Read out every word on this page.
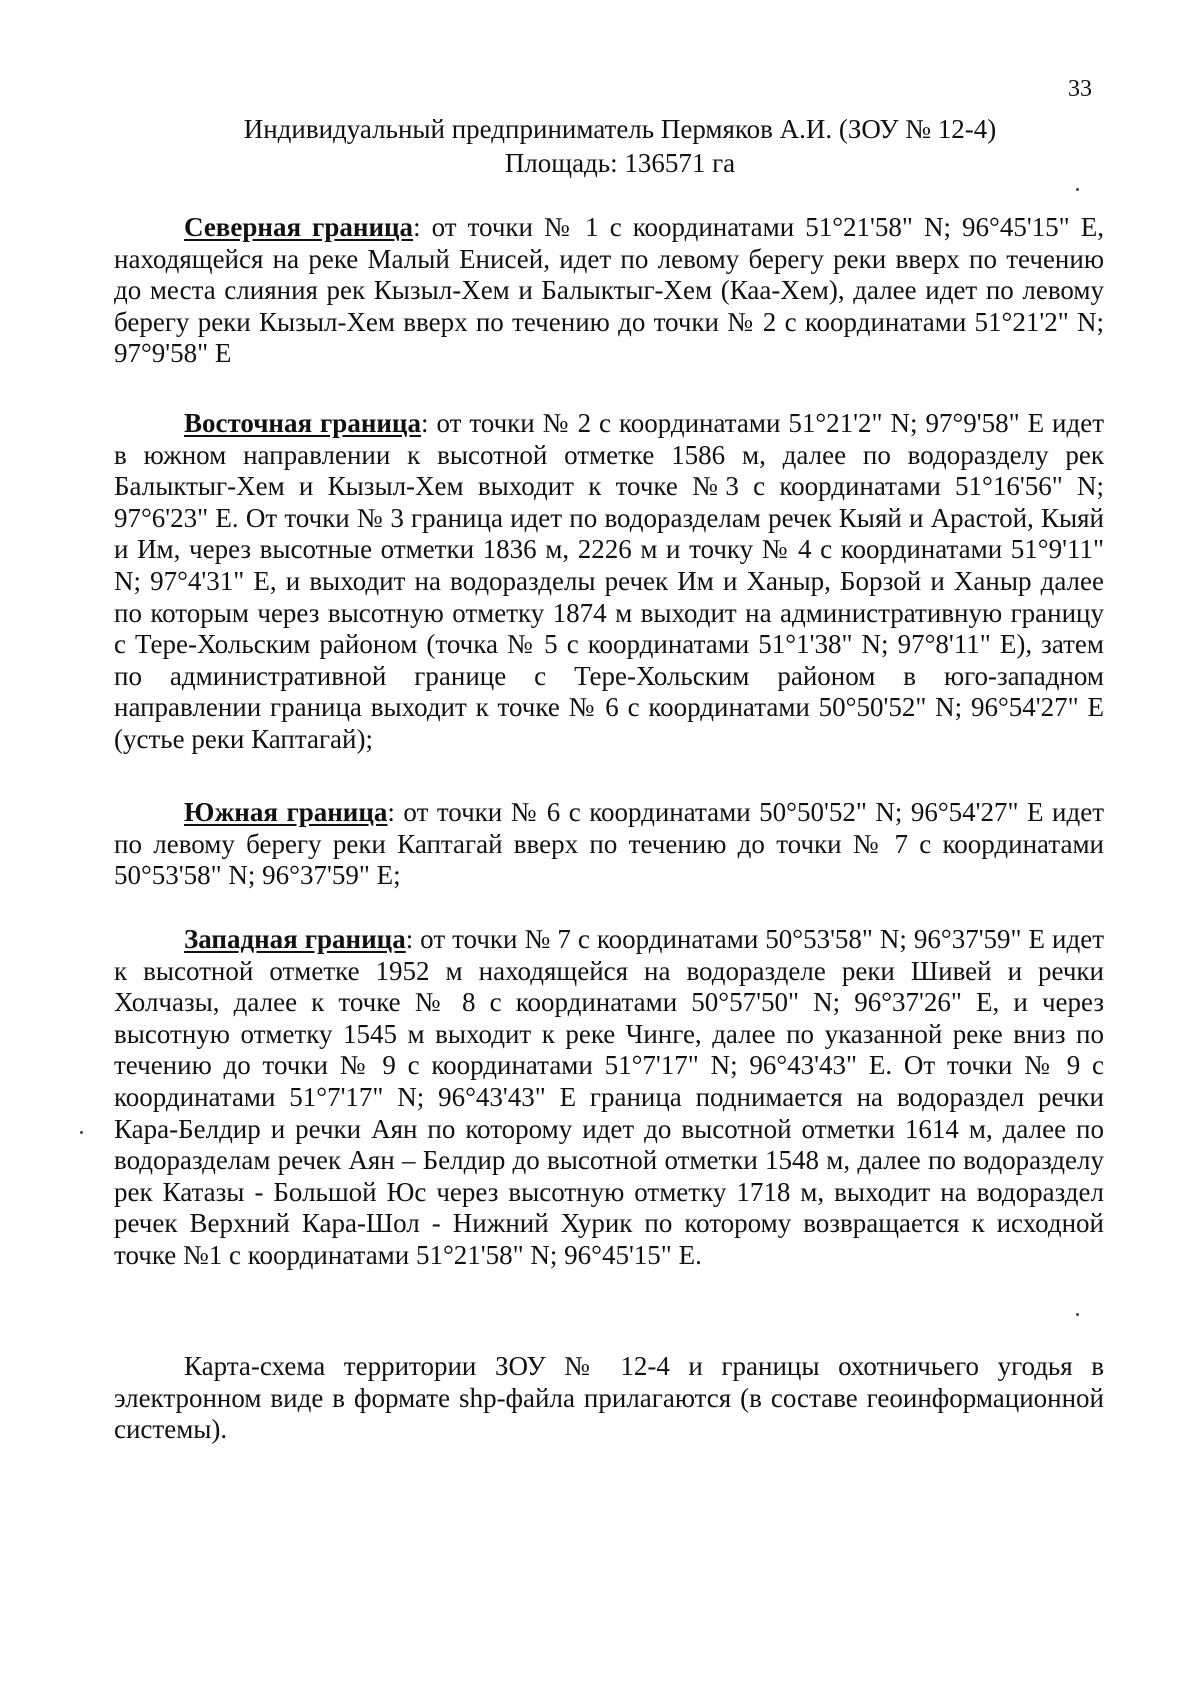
33
Индивидуальный предприниматель Пермяков А.И. (ЗОУ № 12-4)
Площадь: 136571 га

Северная граница: от точки № 1 с координатами 51°21'58" N; 96°45'15" E, находящейся на реке Малый Енисей, идет по левому берегу реки вверх по течению до места слияния рек Кызыл-Хем и Балыктыг-Хем (Каа-Хем), далее идет по левому берегу реки Кызыл-Хем вверх по течению до точки № 2 с координатами 51°21'2" N; 97°9'58" E

Восточная граница: от точки № 2 с координатами 51°21'2" N; 97°9'58" E идет в южном направлении к высотной отметке 1586 м, далее по водоразделу рек Балыктыг-Хем и Кызыл-Хем выходит к точке №3 с координатами 51°16'56" N; 97°6'23" E. От точки № 3 граница идет по водоразделам речек Кыяй и Арастой, Кыяй и Им, через высотные отметки 1836 м, 2226 м и точку № 4 с координатами 51°9'11" N; 97°4'31" E, и выходит на водоразделы речек Им и Ханыр, Борзой и Ханыр далее по которым через высотную отметку 1874 м выходит на административную границу с Тере-Хольским районом (точка № 5 с координатами 51°1'38" N; 97°8'11" E), затем по административной границе с Тере-Хольским районом в юго-западном направлении граница выходит к точке № 6 с координатами 50°50'52" N; 96°54'27" E (устье реки Каптагай);

Южная граница: от точки № 6 с координатами 50°50'52" N; 96°54'27" E идет по левому берегу реки Каптагай вверх по течению до точки № 7 с координатами 50°53'58" N; 96°37'59" E;

Западная граница: от точки № 7 с координатами 50°53'58" N; 96°37'59" E идет к высотной отметке 1952 м находящейся на водоразделе реки Шивей и речки Холчазы, далее к точке № 8 с координатами 50°57'50" N; 96°37'26" E, и через высотную отметку 1545 м выходит к реке Чинге, далее по указанной реке вниз по течению до точки № 9 с координатами 51°7'17" N; 96°43'43" E. От точки № 9 с координатами 51°7'17" N; 96°43'43" E граница поднимается на водораздел речки Кара-Белдир и речки Аян по которому идет до высотной отметки 1614 м, далее по водоразделам речек Аян – Белдир до высотной отметки 1548 м, далее по водоразделу рек Катазы - Большой Юс через высотную отметку 1718 м, выходит на водораздел речек Верхний Кара-Шол - Нижний Хурик по которому возвращается к исходной точке №1 с координатами 51°21'58" N; 96°45'15" E.

Карта-схема территории ЗОУ № 12-4 и границы охотничьего угодья в электронном виде в формате shp-файла прилагаются (в составе геоинформационной системы).
